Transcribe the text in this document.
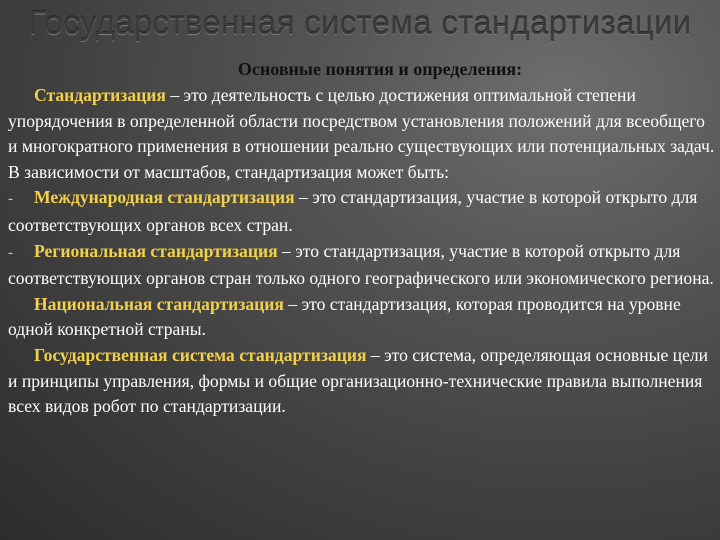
Государственная система стандартизации
Основные понятия и определения:

Стандартизация – это деятельность с целью достижения оптимальной степени упорядочения в определенной области посредством установления положений для всеобщего и многократного применения в отношении реально существующих или потенциальных задач. В зависимости от масштабов, стандартизация может быть:

- Международная стандартизация – это стандартизация, участие в которой открыто для соответствующих органов всех стран.

- Региональная стандартизация – это стандартизация, участие в которой открыто для соответствующих органов стран только одного географического или экономического региона.

Национальная стандартизация – это стандартизация, которая проводится на уровне одной конкретной страны.

Государственная система стандартизация – это система, определяющая основные цели и принципы управления, формы и общие организационно-технические правила выполнения всех видов робот по стандартизации.
